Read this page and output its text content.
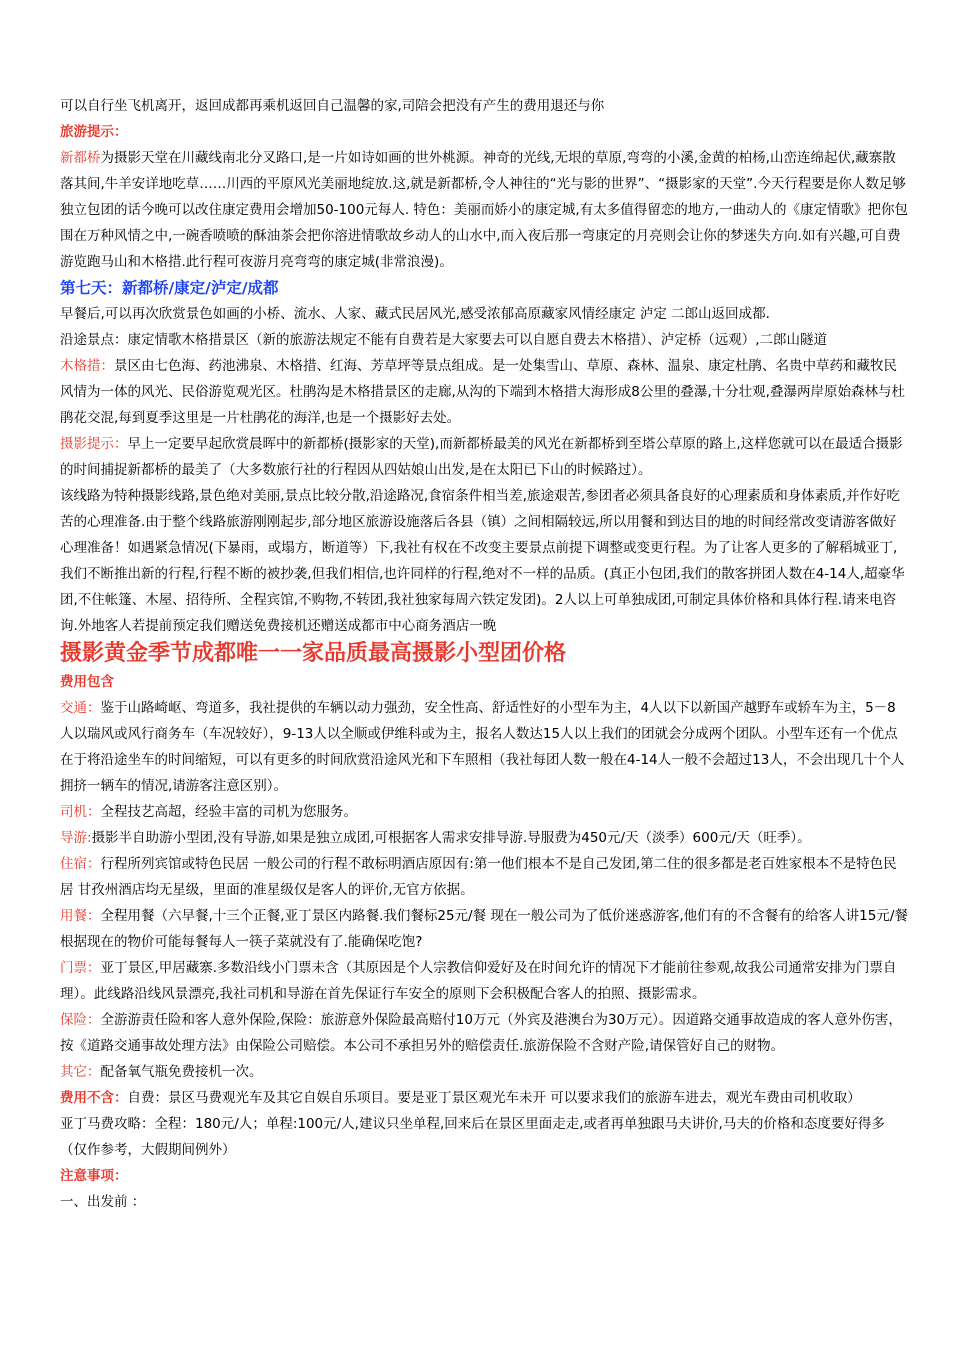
可以自行坐飞机离开，返回成都再乘机返回自己温馨的家,司陪会把没有产生的费用退还与你

旅游提示：

新都桥为摄影天堂在川藏线南北分叉路口,是一片如诗如画的世外桃源。神奇的光线,无垠的草原,弯弯的小溪,金黄的柏杨,山峦连绵起伏,藏寨散落其间,牛羊安详地吃草……川西的平原风光美丽地绽放.这,就是新都桥,令人神往的“光与影的世界”、“摄影家的天堂”.今天行程要是你人数足够独立包团的话今晚可以改住康定费用会增加50-100元每人. 特色：美丽而娇小的康定城,有太多值得留恋的地方,一曲动人的《康定情歌》把你包围在万种风情之中,一碗香喷喷的酥油茶会把你溶进情歌故乡动人的山水中,而入夜后那一弯康定的月亮则会让你的梦迷失方向.如有兴趣,可自费游览跑马山和木格措.此行程可夜游月亮弯弯的康定城(非常浪漫)。

第七天：新都桥/康定/泸定/成都

早餐后,可以再次欣赏景色如画的小桥、流水、人家、藏式民居风光,感受浓郁高原藏家风情经康定 泸定 二郎山返回成都.

沿途景点：康定情歌木格措景区（新的旅游法规定不能有自费若是大家要去可以自愿自费去木格措）、泸定桥（远观）,二郎山隧道

木格措：景区由七色海、药池沸泉、木格措、红海、芳草坪等景点组成。是一处集雪山、草原、森林、温泉、康定杜鹃、名贵中草药和藏牧民风情为一体的风光、民俗游览观光区。杜鹃沟是木格措景区的走廊,从沟的下端到木格措大海形成8公里的叠瀑,十分壮观,叠瀑两岸原始森林与杜鹃花交混,每到夏季这里是一片杜鹃花的海洋,也是一个摄影好去处。

摄影提示：早上一定要早起欣赏晨晖中的新都桥(摄影家的天堂),而新都桥最美的风光在新都桥到至塔公草原的路上,这样您就可以在最适合摄影的时间捕捉新都桥的最美了（大多数旅行社的行程因从四姑娘山出发,是在太阳已下山的时候路过）。

该线路为特种摄影线路,景色绝对美丽,景点比较分散,沿途路况,食宿条件相当差,旅途艰苦,参团者必须具备良好的心理素质和身体素质,并作好吃苦的心理准备.由于整个线路旅游刚刚起步,部分地区旅游设施落后各县（镇）之间相隔较远,所以用餐和到达目的地的时间经常改变请游客做好心理准备！如遇紧急情况(下暴雨，或塌方，断道等）下,我社有权在不改变主要景点前提下调整或变更行程。为了让客人更多的了解稻城亚丁,我们不断推出新的行程,行程不断的被抄袭,但我们相信,也许同样的行程,绝对不一样的品质。(真正小包团,我们的散客拼团人数在4-14人,超豪华团,不住帐篷、木屋、招待所、全程宾馆,不购物,不转团,我社独家每周六铁定发团)。2人以上可单独成团,可制定具体价格和具体行程.请来电咨询.外地客人若提前预定我们赠送免费接机还赠送成都市中心商务酒店一晚

摄影黄金季节成都唯一一家品质最高摄影小型团价格

费用包含

交通：鉴于山路崎岖、弯道多，我社提供的车辆以动力强劲，安全性高、舒适性好的小型车为主，4人以下以新国产越野车或轿车为主，5－8人以瑞风或风行商务车（车况较好），9-13人以全顺或伊维科或为主，报名人数达15人以上我们的团就会分成两个团队。小型车还有一个优点在于将沿途坐车的时间缩短，可以有更多的时间欣赏沿途风光和下车照相（我社每团人数一般在4-14人一般不会超过13人，不会出现几十个人拥挤一辆车的情况,请游客注意区别）。

司机：全程技艺高超，经验丰富的司机为您服务。

导游:摄影半自助游小型团,没有导游,如果是独立成团,可根据客人需求安排导游.导服费为450元/天（淡季）600元/天（旺季）。

住宿：行程所列宾馆或特色民居 一般公司的行程不敢标明酒店原因有:第一他们根本不是自己发团,第二住的很多都是老百姓家根本不是特色民居 甘孜州酒店均无星级，里面的准星级仅是客人的评价,无官方依据。

用餐：全程用餐（六早餐,十三个正餐,亚丁景区内路餐.我们餐标25元/餐 现在一般公司为了低价迷惑游客,他们有的不含餐有的给客人讲15元/餐 根据现在的物价可能每餐每人一筷子菜就没有了.能确保吃饱?

门票：亚丁景区,甲居藏寨.多数沿线小门票未含（其原因是个人宗教信仰爱好及在时间允许的情况下才能前往参观,故我公司通常安排为门票自理）。此线路沿线风景漂亮,我社司机和导游在首先保证行车安全的原则下会积极配合客人的拍照、摄影需求。

保险：全游游责任险和客人意外保险,保险：旅游意外保险最高赔付10万元（外宾及港澳台为30万元）。因道路交通事故造成的客人意外伤害，按《道路交通事故处理方法》由保险公司赔偿。本公司不承担另外的赔偿责任.旅游保险不含财产险,请保管好自己的财物。

其它：配备氧气瓶免费接机一次。

费用不含：自费：景区马费观光车及其它自娱自乐项目。要是亚丁景区观光车未开 可以要求我们的旅游车进去，观光车费由司机收取）

亚丁马费攻略：全程：180元/人；单程:100元/人,建议只坐单程,回来后在景区里面走走,或者再单独跟马夫讲价,马夫的价格和态度要好得多 （仅作参考，大假期间例外）

注意事项：

一、出发前 ：
